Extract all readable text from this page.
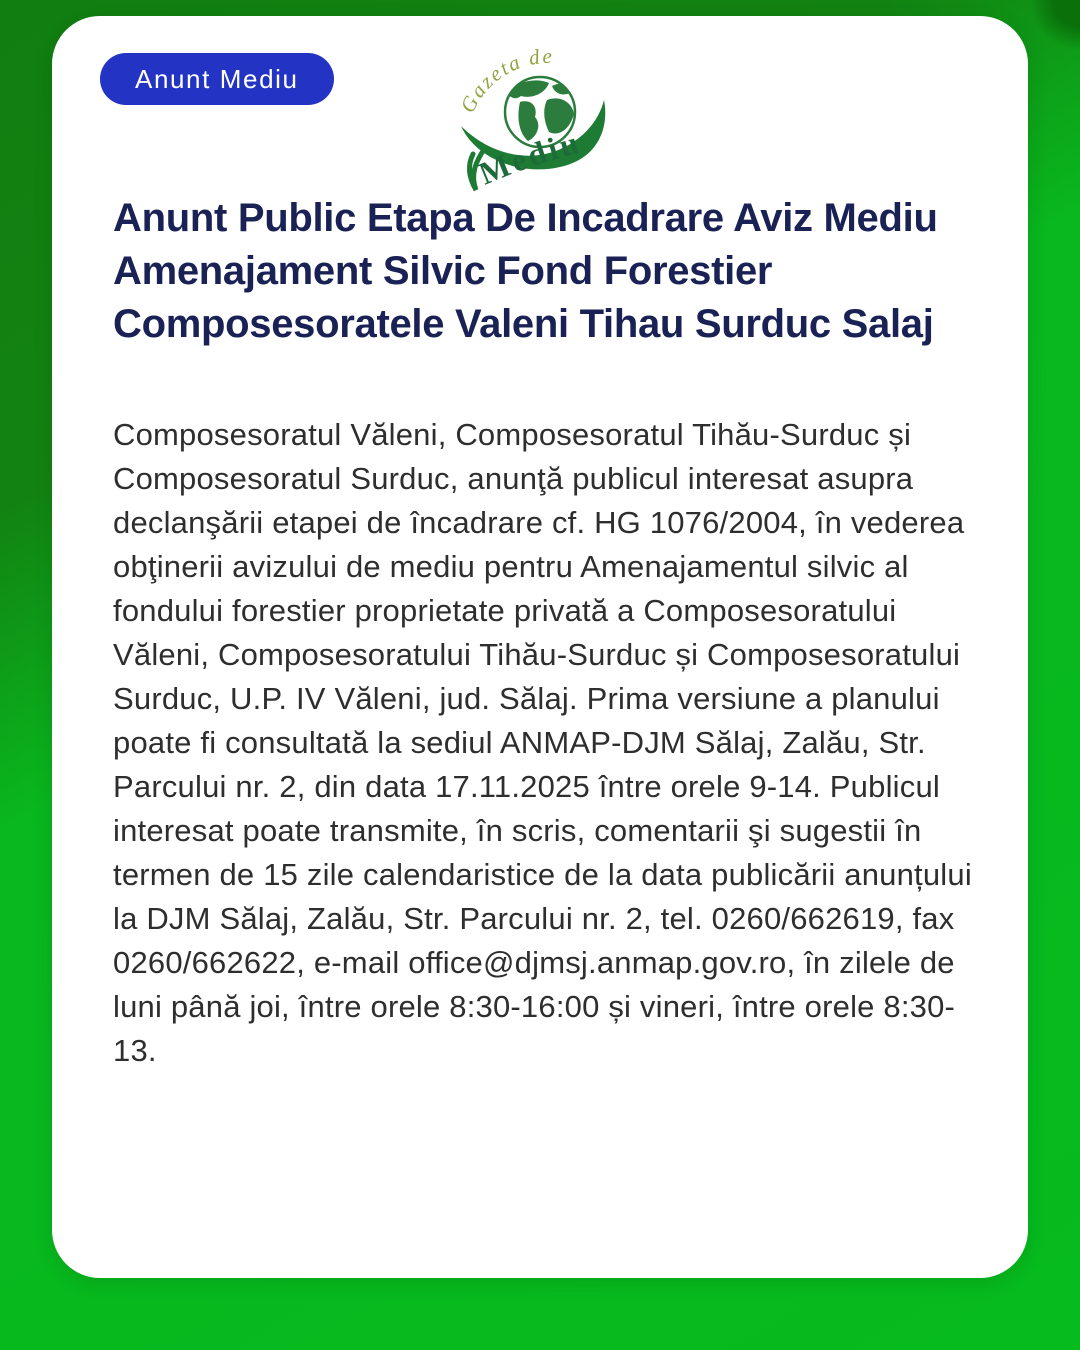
Anunt Mediu
Gazeta de
Mediu
Anunt Public Etapa De Incadrare Aviz Mediu
Amenajament Silvic Fond Forestier
Composesoratele Valeni Tihau Surduc Salaj

Composesoratul Văleni, Composesoratul Tihău-Surduc și Composesoratul Surduc, anunţă publicul interesat asupra declanşării etapei de încadrare cf. HG 1076/2004, în vederea obţinerii avizului de mediu pentru Amenajamentul silvic al fondului forestier proprietate privată a Composesoratului Văleni, Composesoratului Tihău-Surduc și Composesoratului Surduc, U.P. IV Văleni, jud. Sălaj. Prima versiune a planului poate fi consultată la sediul ANMAP-DJM Sălaj, Zalău, Str. Parcului nr. 2, din data 17.11.2025 între orele 9-14. Publicul interesat poate transmite, în scris, comentarii şi sugestii în termen de 15 zile calendaristice de la data publicării anunțului la DJM Sălaj, Zalău, Str. Parcului nr. 2, tel. 0260/662619, fax 0260/662622, e-mail office@djmsj.anmap.gov.ro, în zilele de luni până joi, între orele 8:30-16:00 și vineri, între orele 8:30-13.
